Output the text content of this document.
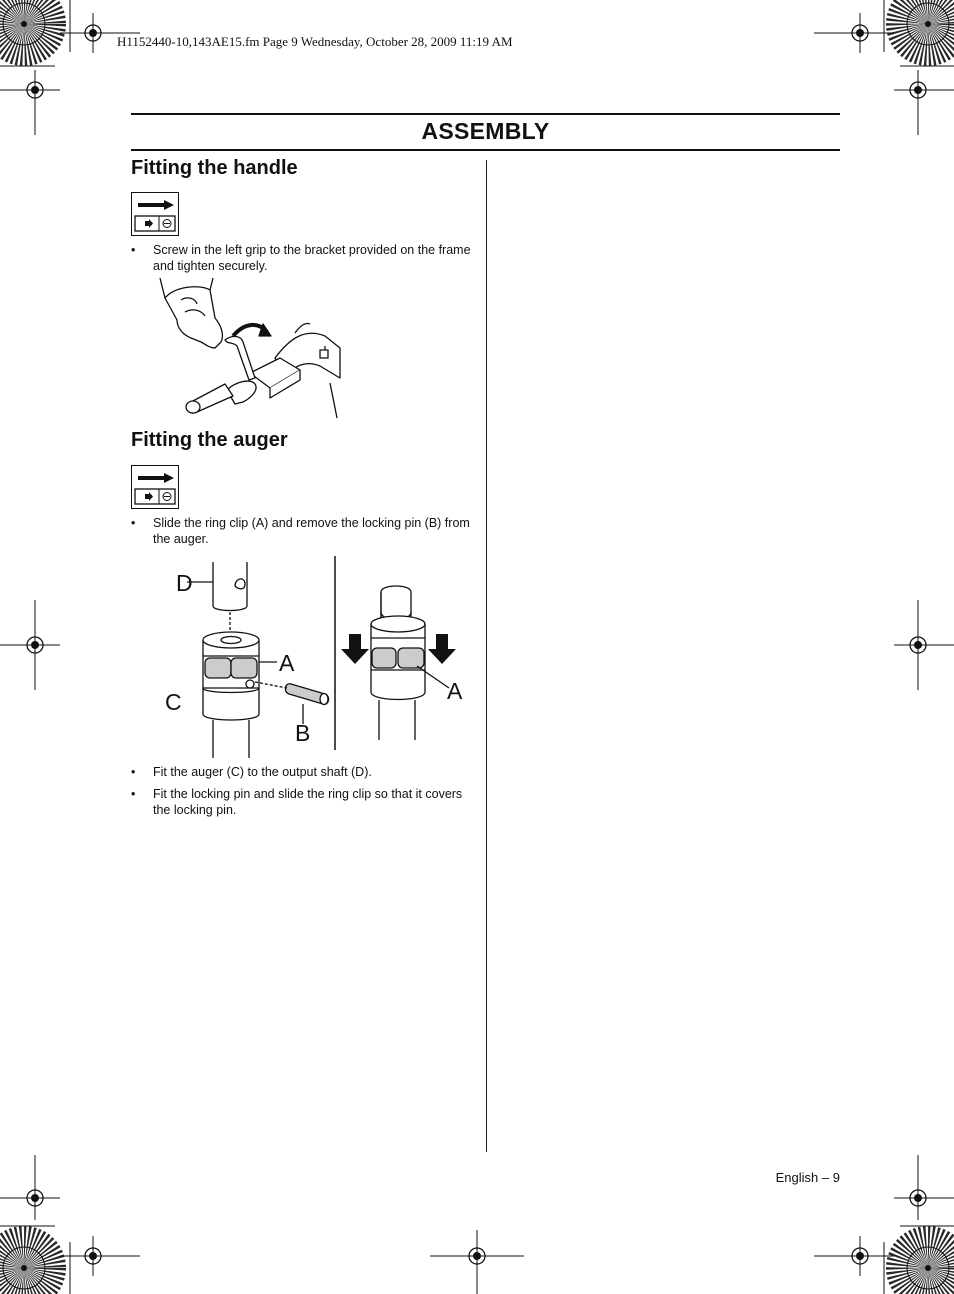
H1152440-10,143AE15.fm Page 9 Wednesday, October 28, 2009 11:19 AM
ASSEMBLY
Fitting the handle
• Screw in the left grip to the bracket provided on the frame and tighten securely.
Fitting the auger
• Slide the ring clip (A) and remove the locking pin (B) from the auger.
D
A
C
B
A
• Fit the auger (C) to the output shaft (D).
• Fit the locking pin and slide the ring clip so that it covers the locking pin.
English – 9
